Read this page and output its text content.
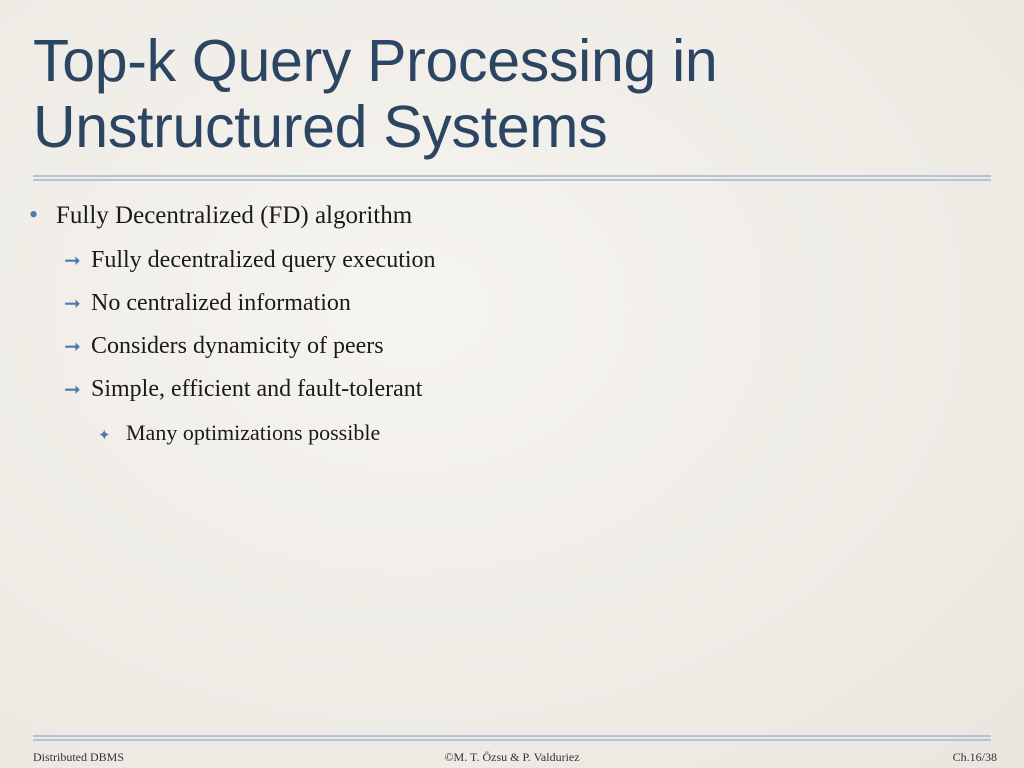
Top-k Query Processing in Unstructured Systems
• Fully Decentralized (FD) algorithm
➞ Fully decentralized query execution
➞ No centralized information
➞ Considers dynamicity of peers
➞ Simple, efficient and fault-tolerant
✦ Many optimizations possible
Distributed DBMS	©M. T. Özsu & P. Valduriez	Ch.16/38
